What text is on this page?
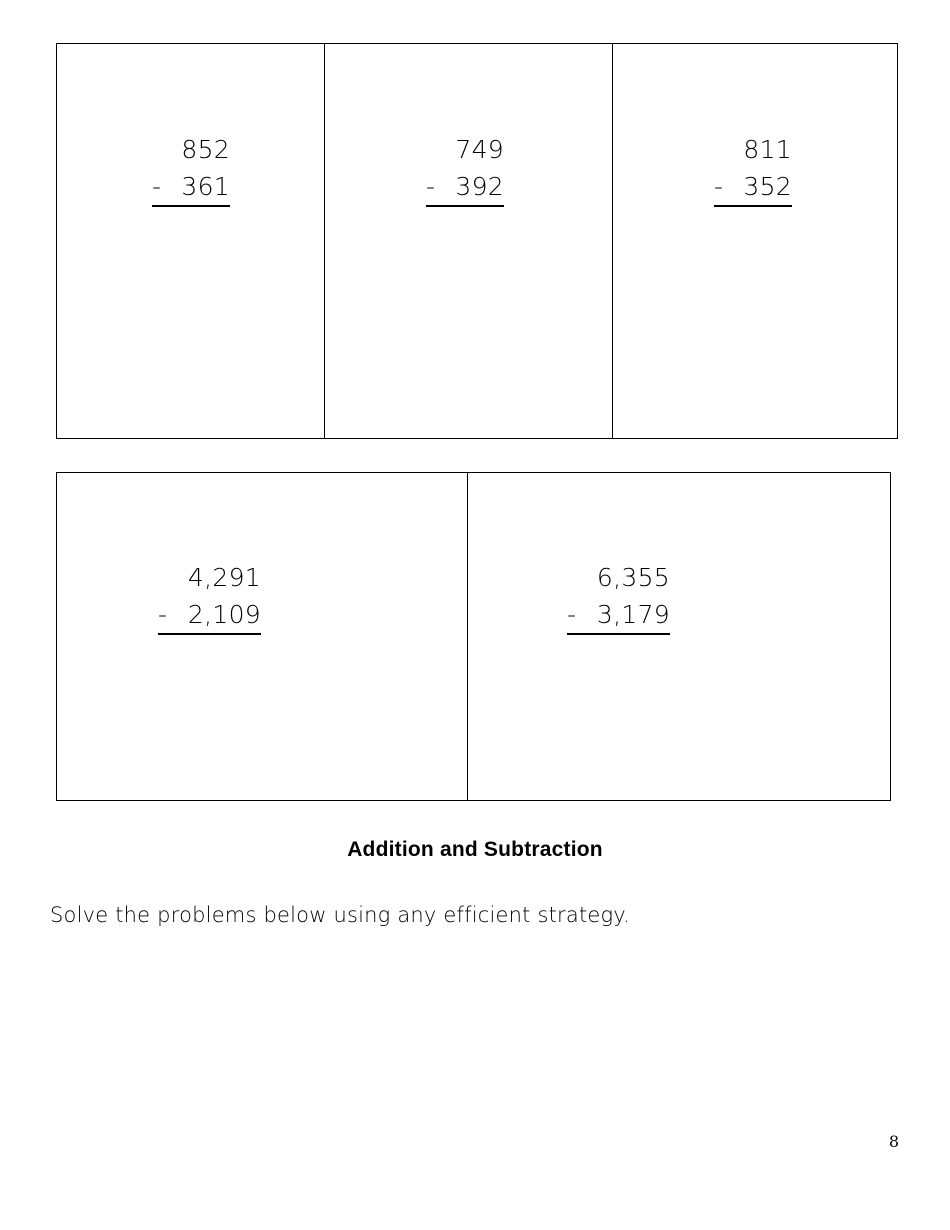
852
- 361
749
- 392
811
- 352
4,291
- 2,109
6,355
- 3,179
Addition and Subtraction
Solve the problems below using any efficient strategy.
8
